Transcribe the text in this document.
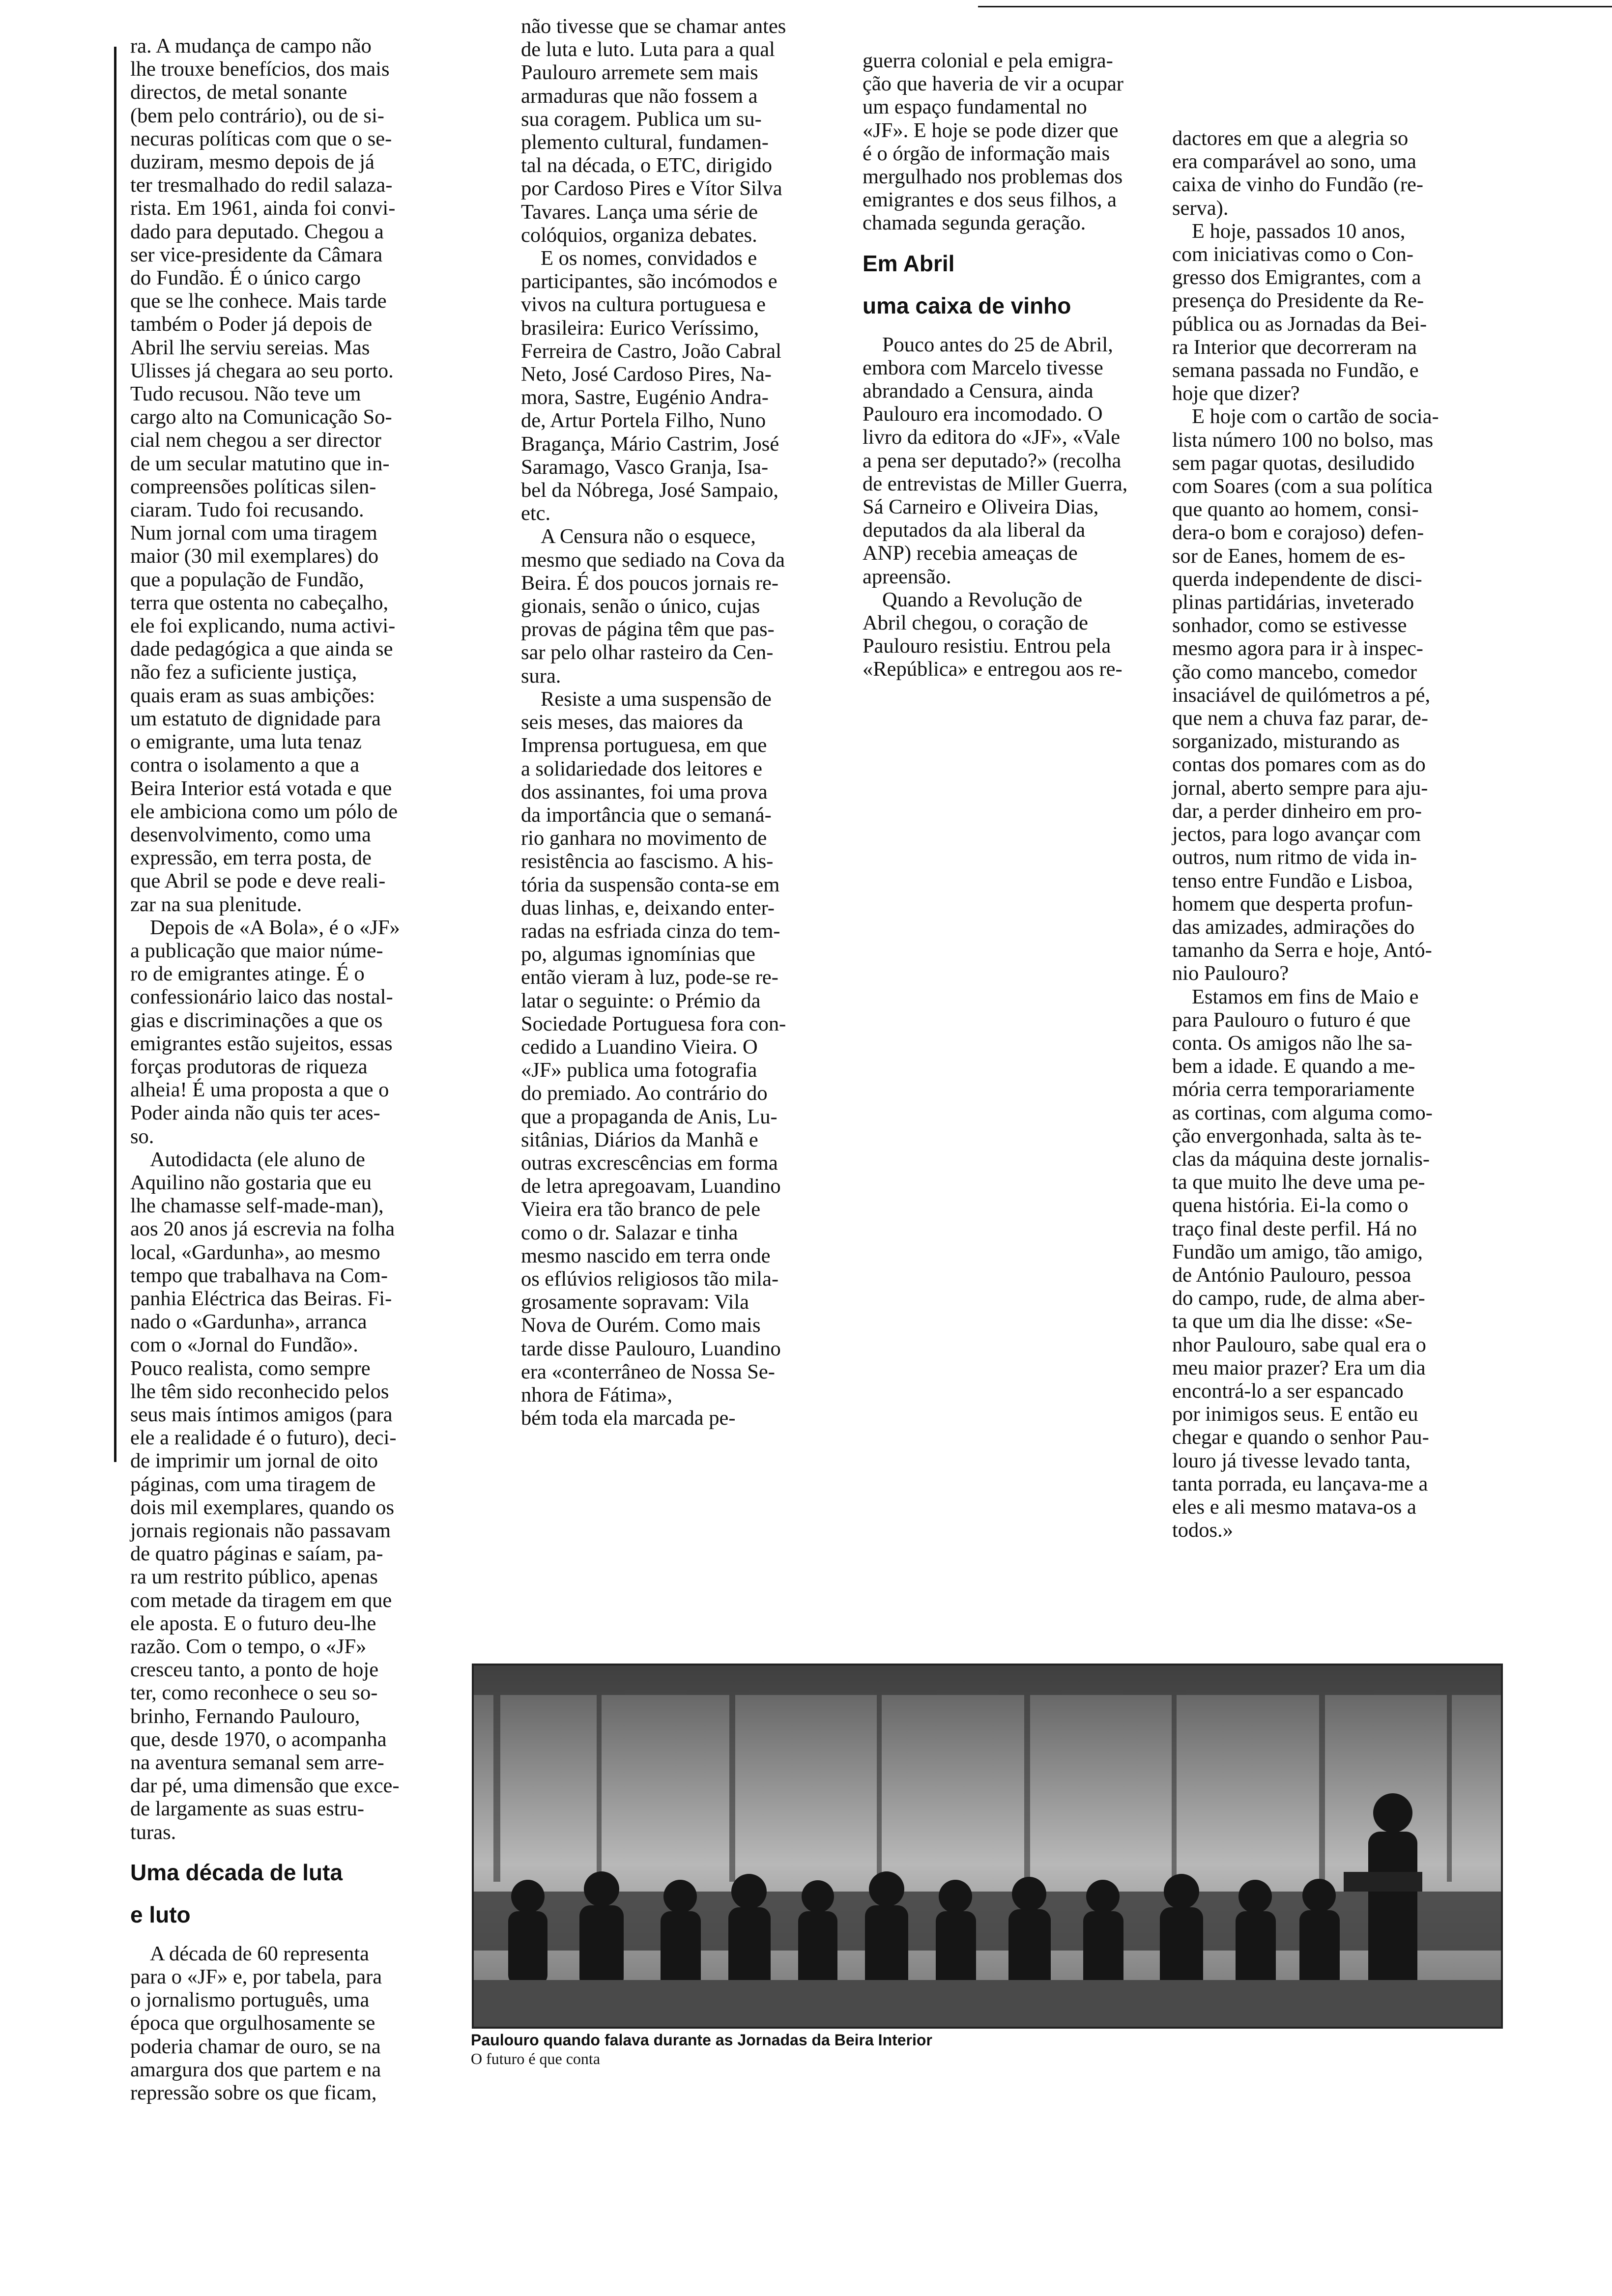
ra. A mudança de campo não

lhe trouxe benefícios, dos mais

directos, de metal sonante

(bem pelo contrário), ou de si-

necuras políticas com que o se-

duziram, mesmo depois de já

ter tresmalhado do redil salaza-

rista. Em 1961, ainda foi convi-

dado para deputado. Chegou a

ser vice-presidente da Câmara

do Fundão. É o único cargo

que se lhe conhece. Mais tarde

também o Poder já depois de

Abril lhe serviu sereias. Mas

Ulisses já chegara ao seu porto.

Tudo recusou. Não teve um

cargo alto na Comunicação So-

cial nem chegou a ser director

de um secular matutino que in-

compreensões políticas silen-

ciaram. Tudo foi recusando.

Num jornal com uma tiragem

maior (30 mil exemplares) do

que a população de Fundão,

terra que ostenta no cabeçalho,

ele foi explicando, numa activi-

dade pedagógica a que ainda se

não fez a suficiente justiça,

quais eram as suas ambições:

um estatuto de dignidade para

o emigrante, uma luta tenaz

contra o isolamento a que a

Beira Interior está votada e que

ele ambiciona como um pólo de

desenvolvimento, como uma

expressão, em terra posta, de

que Abril se pode e deve reali-

zar na sua plenitude.

Depois de «A Bola», é o «JF»

a publicação que maior núme-

ro de emigrantes atinge. É o

confessionário laico das nostal-

gias e discriminações a que os

emigrantes estão sujeitos, essas

forças produtoras de riqueza

alheia! É uma proposta a que o

Poder ainda não quis ter aces-

so.

Autodidacta (ele aluno de

Aquilino não gostaria que eu

lhe chamasse self-made-man),

aos 20 anos já escrevia na folha

local, «Gardunha», ao mesmo

tempo que trabalhava na Com-

panhia Eléctrica das Beiras. Fi-

nado o «Gardunha», arranca

com o «Jornal do Fundão».

Pouco realista, como sempre

lhe têm sido reconhecido pelos

seus mais íntimos amigos (para

ele a realidade é o futuro), deci-

de imprimir um jornal de oito

páginas, com uma tiragem de

dois mil exemplares, quando os

jornais regionais não passavam

de quatro páginas e saíam, pa-

ra um restrito público, apenas

com metade da tiragem em que

ele aposta. E o futuro deu-lhe

razão. Com o tempo, o «JF»

cresceu tanto, a ponto de hoje

ter, como reconhece o seu so-

brinho, Fernando Paulouro,

que, desde 1970, o acompanha

na aventura semanal sem arre-

dar pé, uma dimensão que exce-

de largamente as suas estru-

turas.

Uma década de luta

e luto

A década de 60 representa

para o «JF» e, por tabela, para

o jornalismo português, uma

época que orgulhosamente se

poderia chamar de ouro, se na

amargura dos que partem e na

repressão sobre os que ficam,

não tivesse que se chamar antes

de luta e luto. Luta para a qual

Paulouro arremete sem mais

armaduras que não fossem a

sua coragem. Publica um su-

plemento cultural, fundamen-

tal na década, o ETC, dirigido

por Cardoso Pires e Vítor Silva

Tavares. Lança uma série de

colóquios, organiza debates.

E os nomes, convidados e

participantes, são incómodos e

vivos na cultura portuguesa e

brasileira: Eurico Veríssimo,

Ferreira de Castro, João Cabral

Neto, José Cardoso Pires, Na-

mora, Sastre, Eugénio Andra-

de, Artur Portela Filho, Nuno

Bragança, Mário Castrim, José

Saramago, Vasco Granja, Isa-

bel da Nóbrega, José Sampaio,

etc.

A Censura não o esquece,

mesmo que sediado na Cova da

Beira. É dos poucos jornais re-

gionais, senão o único, cujas

provas de página têm que pas-

sar pelo olhar rasteiro da Cen-

sura.

Resiste a uma suspensão de

seis meses, das maiores da

Imprensa portuguesa, em que

a solidariedade dos leitores e

dos assinantes, foi uma prova

da importância que o semaná-

rio ganhara no movimento de

resistência ao fascismo. A his-

tória da suspensão conta-se em

duas linhas, e, deixando enter-

radas na esfriada cinza do tem-

po, algumas ignomínias que

então vieram à luz, pode-se re-

latar o seguinte: o Prémio da

Sociedade Portuguesa fora con-

cedido a Luandino Vieira. O

«JF» publica uma fotografia

do premiado. Ao contrário do

que a propaganda de Anis, Lu-

sitânias, Diários da Manhã e

outras excrescências em forma

de letra apregoavam, Luandino

Vieira era tão branco de pele

como o dr. Salazar e tinha

mesmo nascido em terra onde

os eflúvios religiosos tão mila-

grosamente sopravam: Vila

Nova de Ourém. Como mais

tarde disse Paulouro, Luandino

era «conterrâneo de Nossa Se-

nhora de Fátima»,

bém toda ela marcada pe-

guerra colonial e pela emigra-

ção que haveria de vir a ocupar

um espaço fundamental no

«JF». E hoje se pode dizer que

é o órgão de informação mais

mergulhado nos problemas dos

emigrantes e dos seus filhos, a

chamada segunda geração.

Em Abril

uma caixa de vinho

Pouco antes do 25 de Abril,

embora com Marcelo tivesse

abrandado a Censura, ainda

Paulouro era incomodado. O

livro da editora do «JF», «Vale

a pena ser deputado?» (recolha

de entrevistas de Miller Guerra,

Sá Carneiro e Oliveira Dias,

deputados da ala liberal da

ANP) recebia ameaças de

apreensão.

Quando a Revolução de

Abril chegou, o coração de

Paulouro resistiu. Entrou pela

«República» e entregou aos re-

dactores em que a alegria so

era comparável ao sono, uma

caixa de vinho do Fundão (re-

serva).

E hoje, passados 10 anos,

com iniciativas como o Con-

gresso dos Emigrantes, com a

presença do Presidente da Re-

pública ou as Jornadas da Bei-

ra Interior que decorreram na

semana passada no Fundão, e

hoje que dizer?

E hoje com o cartão de socia-

lista número 100 no bolso, mas

sem pagar quotas, desiludido

com Soares (com a sua política

que quanto ao homem, consi-

dera-o bom e corajoso) defen-

sor de Eanes, homem de es-

querda independente de disci-

plinas partidárias, inveterado

sonhador, como se estivesse

mesmo agora para ir à inspec-

ção como mancebo, comedor

insaciável de quilómetros a pé,

que nem a chuva faz parar, de-

sorganizado, misturando as

contas dos pomares com as do

jornal, aberto sempre para aju-

dar, a perder dinheiro em pro-

jectos, para logo avançar com

outros, num ritmo de vida in-

tenso entre Fundão e Lisboa,

homem que desperta profun-

das amizades, admirações do

tamanho da Serra e hoje, Antó-

nio Paulouro?

Estamos em fins de Maio e

para Paulouro o futuro é que

conta. Os amigos não lhe sa-

bem a idade. E quando a me-

mória cerra temporariamente

as cortinas, com alguma como-

ção envergonhada, salta às te-

clas da máquina deste jornalis-

ta que muito lhe deve uma pe-

quena história. Ei-la como o

traço final deste perfil. Há no

Fundão um amigo, tão amigo,

de António Paulouro, pessoa

do campo, rude, de alma aber-

ta que um dia lhe disse: «Se-

nhor Paulouro, sabe qual era o

meu maior prazer? Era um dia

encontrá-lo a ser espancado

por inimigos seus. E então eu

chegar e quando o senhor Pau-

louro já tivesse levado tanta,

tanta porrada, eu lançava-me a

eles e ali mesmo matava-os a

todos.»

Paulouro quando falava durante as Jornadas da Beira Interior
O futuro é que conta
